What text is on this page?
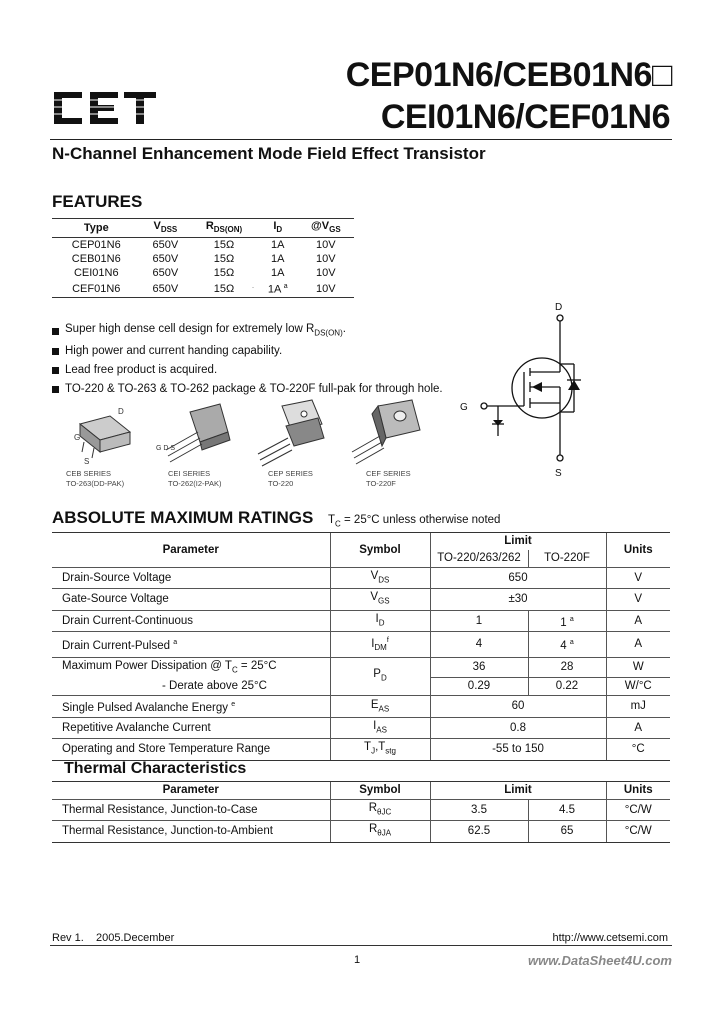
CET
CEP01N6/CEB01N6□
CEI01N6/CEF01N6
N-Channel Enhancement Mode Field Effect Transistor
FEATURES
Type	$V_{DSS}$	$R_{DS(ON)}$	$I_D$	$@V_{GS}$
CEP01N6	650V	15Ω	1A	10V
CEB01N6	650V	15Ω	1A	10V
CEI01N6	650V	15Ω	1A	10V
CEF01N6	650V	15Ω	1A $^a$	10V
Super high dense cell design for extremely low $R_{DS(ON)}$.
High power and current handing capability.
Lead free product is acquired.
TO-220 & TO-263 & TO-262 package & TO-220F full-pak for through hole.
D
G
S
CEB SERIES
TO-263(DD-PAK)
G D S
CEI SERIES
TO-262(I2-PAK)
CEP SERIES
TO-220
CEF SERIES
TO-220F
D
G
S
ABSOLUTE MAXIMUM RATINGS $T_C = 25^\circ C$ unless otherwise noted
Parameter	Symbol	Limit		Units
		TO-220/263/262	TO-220F	
Drain-Source Voltage	$V_{DS}$	650		V
Gate-Source Voltage	$V_{GS}$	±30		V
Drain Current-Continuous	$I_D$	1	1 $^a$	A
Drain Current-Pulsed $^a$	$I_{DM}^f$	4	4 $^a$	A
Maximum Power Dissipation @ $T_C = 25^\circ C$	$P_D$	36	28	W
- Derate above 25°C		0.29	0.22	W/°C
Single Pulsed Avalanche Energy $^e$	$E_{AS}$	60		mJ
Repetitive Avalanche Current	$I_{AS}$	0.8		A
Operating and Store Temperature Range	$T_J,T_{stg}$	-55 to 150		°C
Thermal Characteristics
Parameter	Symbol	Limit		Units
Thermal Resistance, Junction-to-Case	$R_{\theta JC}$	3.5	4.5	°C/W
Thermal Resistance, Junction-to-Ambient	$R_{\theta JA}$	62.5	65	°C/W
Rev 1.    2005.December	http://www.cetsemi.com
1	www.DataSheet4U.com
